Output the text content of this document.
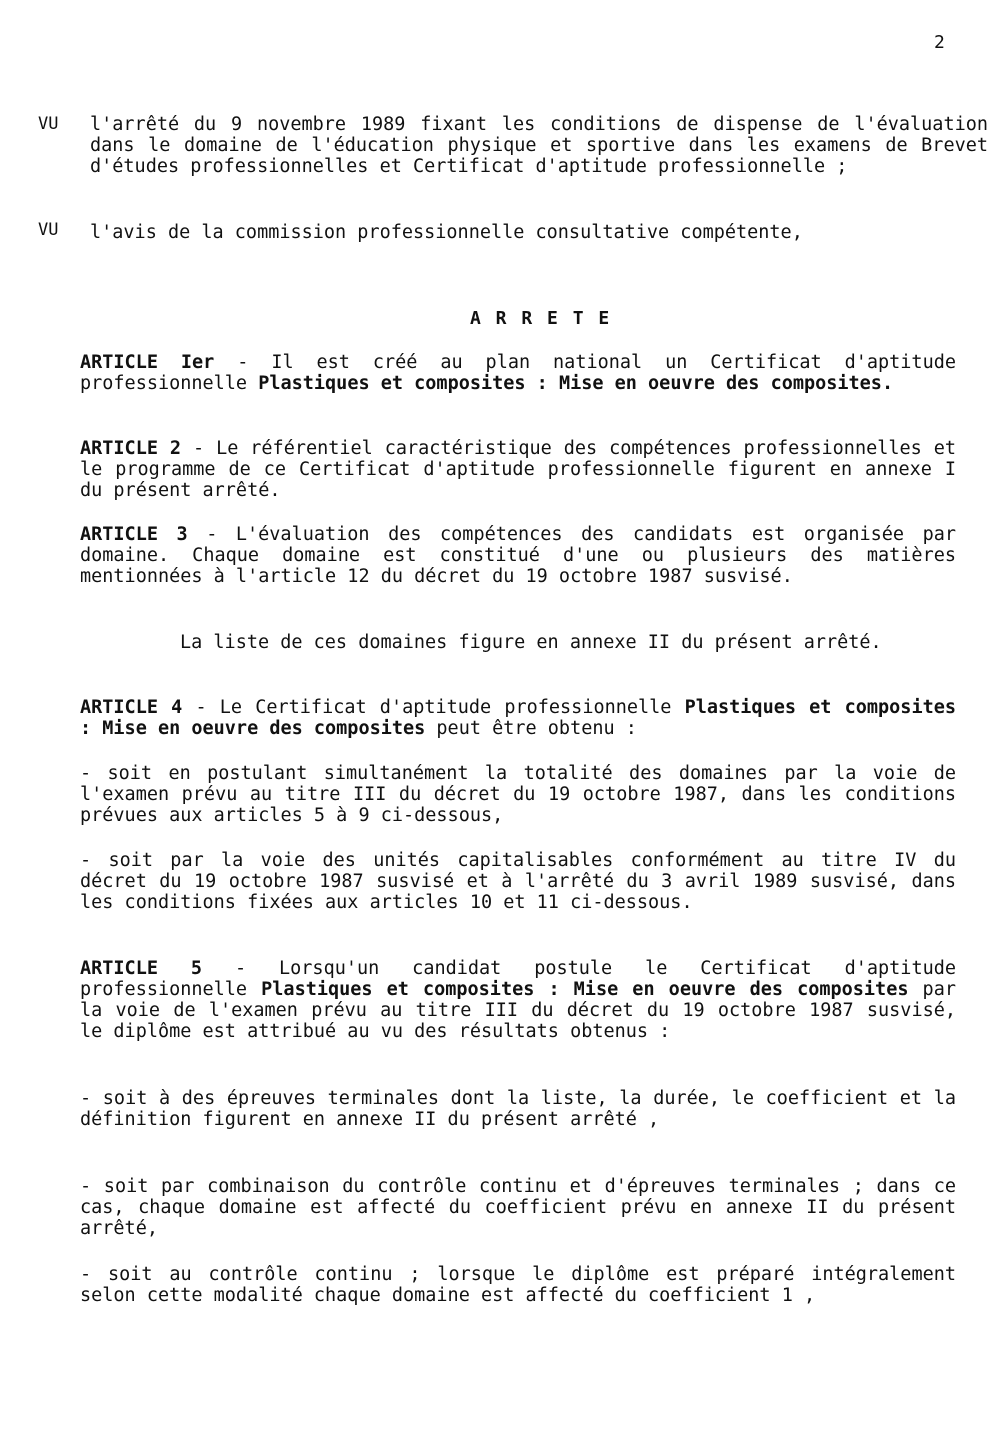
2
VU l'arrêté du 9 novembre 1989 fixant les conditions de dispense de l'évaluation dans le domaine de l'éducation physique et sportive dans les examens de Brevet d'études professionnelles et Certificat d'aptitude professionnelle ;
VU l'avis de la commission professionnelle consultative compétente,
A R R E T E
ARTICLE Ier - Il est créé au plan national un Certificat d'aptitude professionnelle Plastiques et composites : Mise en oeuvre des composites.
ARTICLE 2 - Le référentiel caractéristique des compétences professionnelles et le programme de ce Certificat d'aptitude professionnelle figurent en annexe I du présent arrêté.
ARTICLE 3 - L'évaluation des compétences des candidats est organisée par domaine. Chaque domaine est constitué d'une ou plusieurs des matières mentionnées à l'article 12 du décret du 19 octobre 1987 susvisé.
La liste de ces domaines figure en annexe II du présent arrêté.
ARTICLE 4 - Le Certificat d'aptitude professionnelle Plastiques et composites : Mise en oeuvre des composites peut être obtenu :
- soit en postulant simultanément la totalité des domaines par la voie de l'examen prévu au titre III du décret du 19 octobre 1987, dans les conditions prévues aux articles 5 à 9 ci-dessous,
- soit par la voie des unités capitalisables conformément au titre IV du décret du 19 octobre 1987 susvisé et à l'arrêté du 3 avril 1989 susvisé, dans les conditions fixées aux articles 10 et 11 ci-dessous.
ARTICLE 5 - Lorsqu'un candidat postule le Certificat d'aptitude professionnelle Plastiques et composites : Mise en oeuvre des composites par la voie de l'examen prévu au titre III du décret du 19 octobre 1987 susvisé, le diplôme est attribué au vu des résultats obtenus :
- soit à des épreuves terminales dont la liste, la durée, le coefficient et la définition figurent en annexe II du présent arrêté ,
- soit par combinaison du contrôle continu et d'épreuves terminales ; dans ce cas, chaque domaine est affecté du coefficient prévu en annexe II du présent arrêté,
- soit au contrôle continu ; lorsque le diplôme est préparé intégralement selon cette modalité chaque domaine est affecté du coefficient 1 ,
